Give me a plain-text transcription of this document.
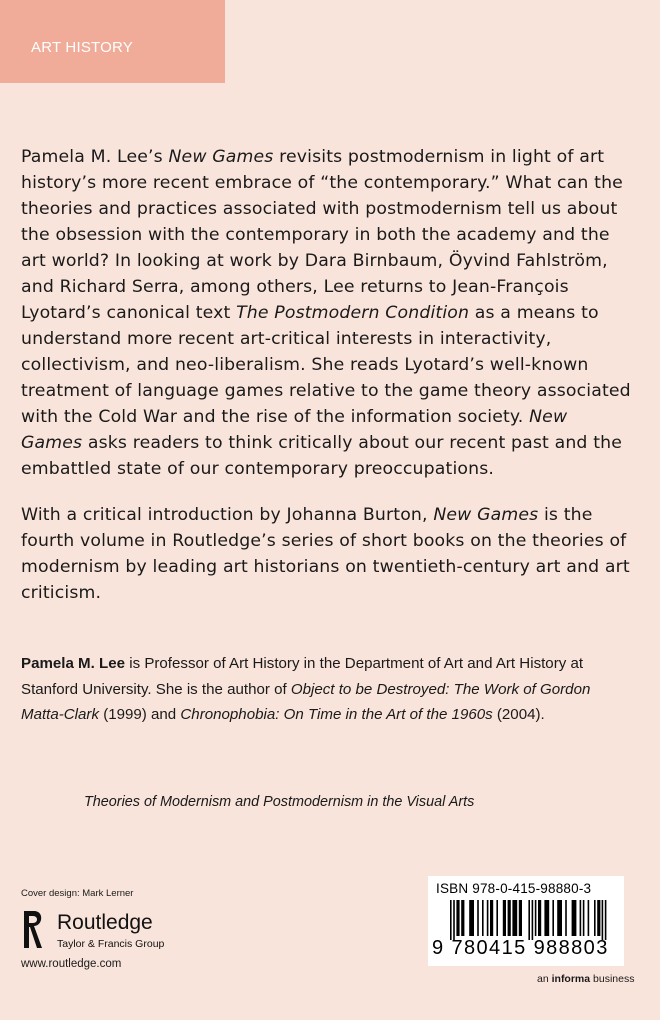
ART HISTORY

Pamela M. Lee’s New Games revisits postmodernism in light of art history’s more recent embrace of “the contemporary.” What can the theories and practices associated with postmodernism tell us about the obsession with the contemporary in both the academy and the art world? In looking at work by Dara Birnbaum, Öyvind Fahlström, and Richard Serra, among others, Lee returns to Jean-François Lyotard’s canonical text The Postmodern Condition as a means to understand more recent art-critical interests in interactivity, collectivism, and neo-liberalism. She reads Lyotard’s well-known treatment of language games relative to the game theory associated with the Cold War and the rise of the information society. New Games asks readers to think critically about our recent past and the embattled state of our contemporary preoccupations.

With a critical introduction by Johanna Burton, New Games is the fourth volume in Routledge’s series of short books on the theories of modernism by leading art historians on twentieth-century art and art criticism.

Pamela M. Lee is Professor of Art History in the Department of Art and Art History at Stanford University. She is the author of Object to be Destroyed: The Work of Gordon Matta-Clark (1999) and Chronophobia: On Time in the Art of the 1960s (2004).

Theories of Modernism and Postmodernism in the Visual Arts
Cover design: Mark Lerner
Routledge
Taylor & Francis Group
www.routledge.com
ISBN 978-0-415-98880-3
9 780415 988803
an informa business
